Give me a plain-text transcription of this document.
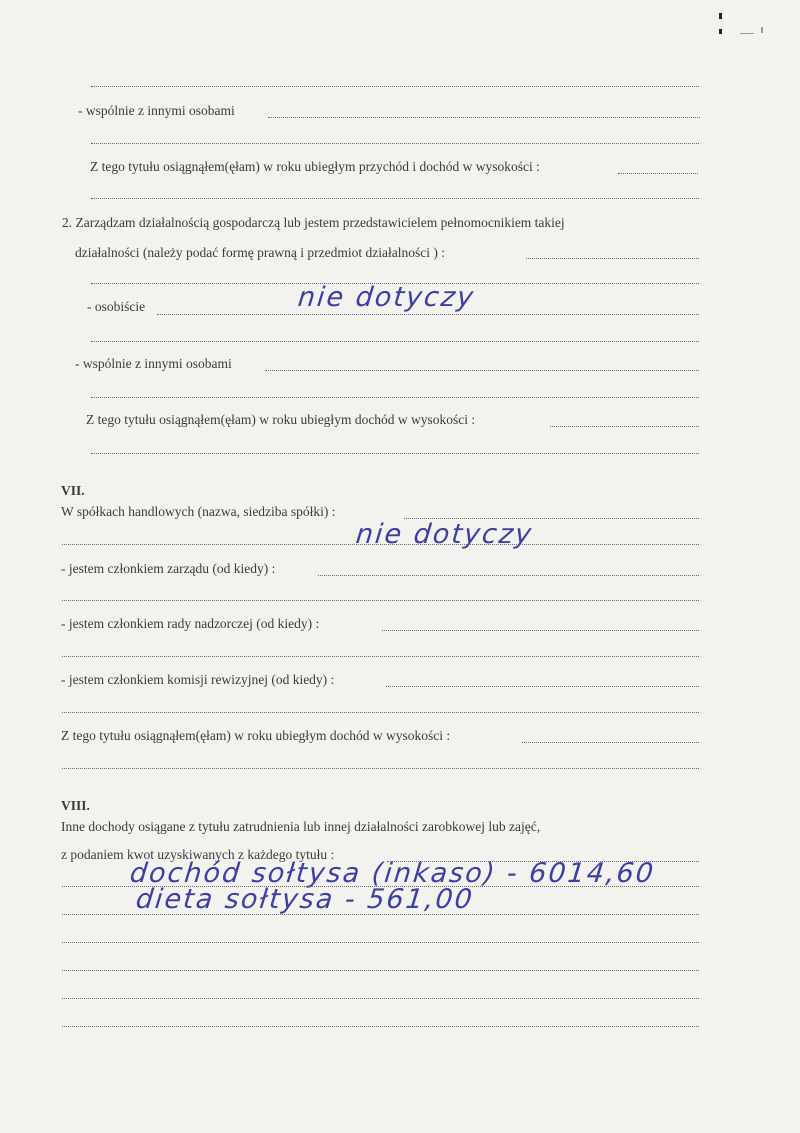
- wspólnie z innymi osobami
Z tego tytułu osiągnąłem(ęłam) w roku ubiegłym przychód i dochód w wysokości :
2. Zarządzam działalnością gospodarczą lub jestem przedstawicielem pełnomocnikiem takiej
działalności (należy podać formę prawną i przedmiot działalności ) :
- osobiście	nie dotyczy
- wspólnie z innymi osobami
Z tego tytułu osiągnąłem(ęłam) w roku ubiegłym dochód w wysokości :
VII.
W spółkach handlowych (nazwa, siedziba spółki) :
nie dotyczy
- jestem członkiem zarządu (od kiedy) :
- jestem członkiem rady nadzorczej (od kiedy) :
- jestem członkiem komisji rewizyjnej (od kiedy) :
Z tego tytułu osiągnąłem(ęłam) w roku ubiegłym dochód w wysokości :
VIII.
Inne dochody osiągane z tytułu zatrudnienia lub innej działalności zarobkowej lub zajęć,
z podaniem kwot uzyskiwanych z każdego tytułu :
dochód sołtysa (inkaso) - 6014,60
dieta sołtysa - 561,00
